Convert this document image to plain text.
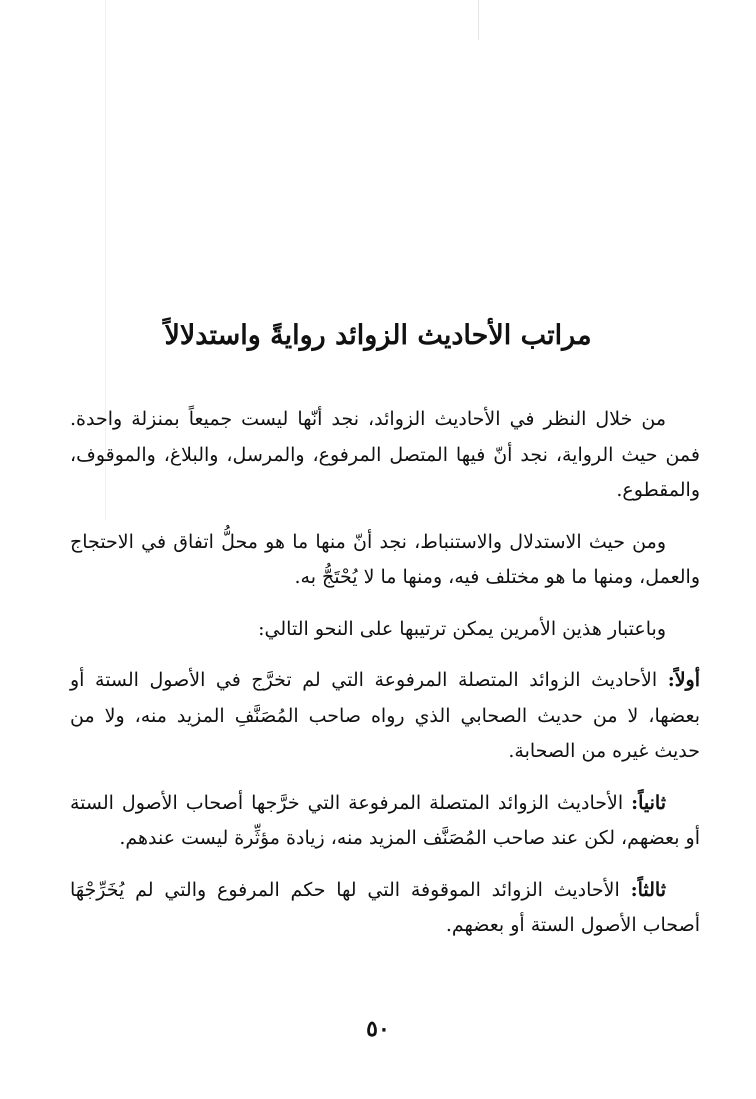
مراتب الأحاديث الزوائد روايةً واستدلالاً

من خلال النظر في الأحاديث الزوائد، نجد أنّها ليست جميعاً بمنزلة واحدة. فمن حيث الرواية، نجد أنّ فيها المتصل المرفوع، والمرسل، والبلاغ، والموقوف، والمقطوع.

ومن حيث الاستدلال والاستنباط، نجد أنّ منها ما هو محلُّ اتفاق في الاحتجاج والعمل، ومنها ما هو مختلف فيه، ومنها ما لا يُحْتَجُّ به.

وباعتبار هذين الأمرين يمكن ترتيبها على النحو التالي:

أولاً: الأحاديث الزوائد المتصلة المرفوعة التي لم تخرَّج في الأصول الستة أو بعضها، لا من حديث الصحابي الذي رواه صاحب المُصَنَّفِ المزيد منه، ولا من حديث غيره من الصحابة.

ثانياً: الأحاديث الزوائد المتصلة المرفوعة التي خرَّجها أصحاب الأصول الستة أو بعضهم، لكن عند صاحب المُصَنَّف المزيد منه، زيادة مؤثِّرة ليست عندهم.

ثالثاً: الأحاديث الزوائد الموقوفة التي لها حكم المرفوع والتي لم يُخَرِّجْهَا أصحاب الأصول الستة أو بعضهم.

٥٠
